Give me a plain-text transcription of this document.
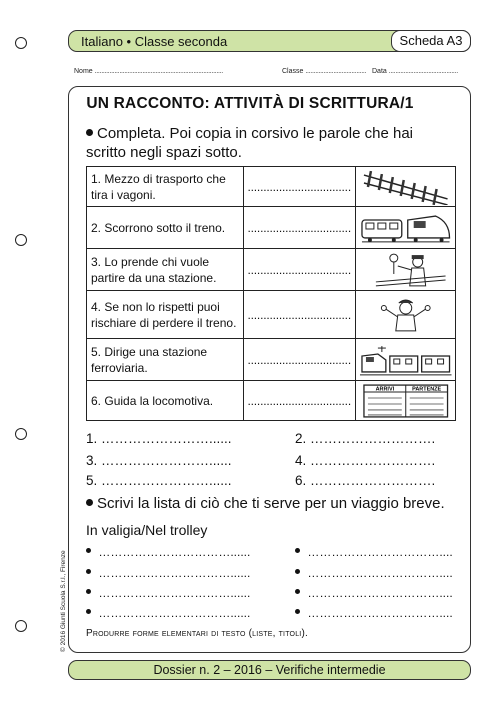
Italiano • Classe seconda	Scheda A3
Nome ..............................................................................	Classe ..................................... Data ..........................................
UN RACCONTO: ATTIVITÀ DI SCRITTURA/1
Completa. Poi copia in corsivo le parole che hai
scritto negli spazi sotto.
1. Mezzo di trasporto che tira i vagoni.	.................................	

2. Scorrono sotto il treno.	.................................	

3. Lo prende chi vuole partire da una stazione.	.................................	

4. Se non lo rispetti puoi rischiare di perdere il treno.	.................................	

5. Dirige una stazione ferroviaria.	.................................	

6. Guida la locomotiva.	.................................	ARRIVI PARTENZE
1. ……………………......	2. ……………………….
3. ……………………......	4. ……………………….
5. ……………………......	6. ……………………….
Scrivi la lista di ciò che ti serve per un viaggio breve.
In valigia/Nel trolley
……………………………......	……………………………....
……………………………......	……………………………....
……………………………......	……………………………....
……………………………......	……………………………....
Produrre forme elementari di testo (liste, titoli).
© 2016 Giunti Scuola S.r.l., Firenze
Dossier n. 2 – 2016 – Verifiche intermedie
